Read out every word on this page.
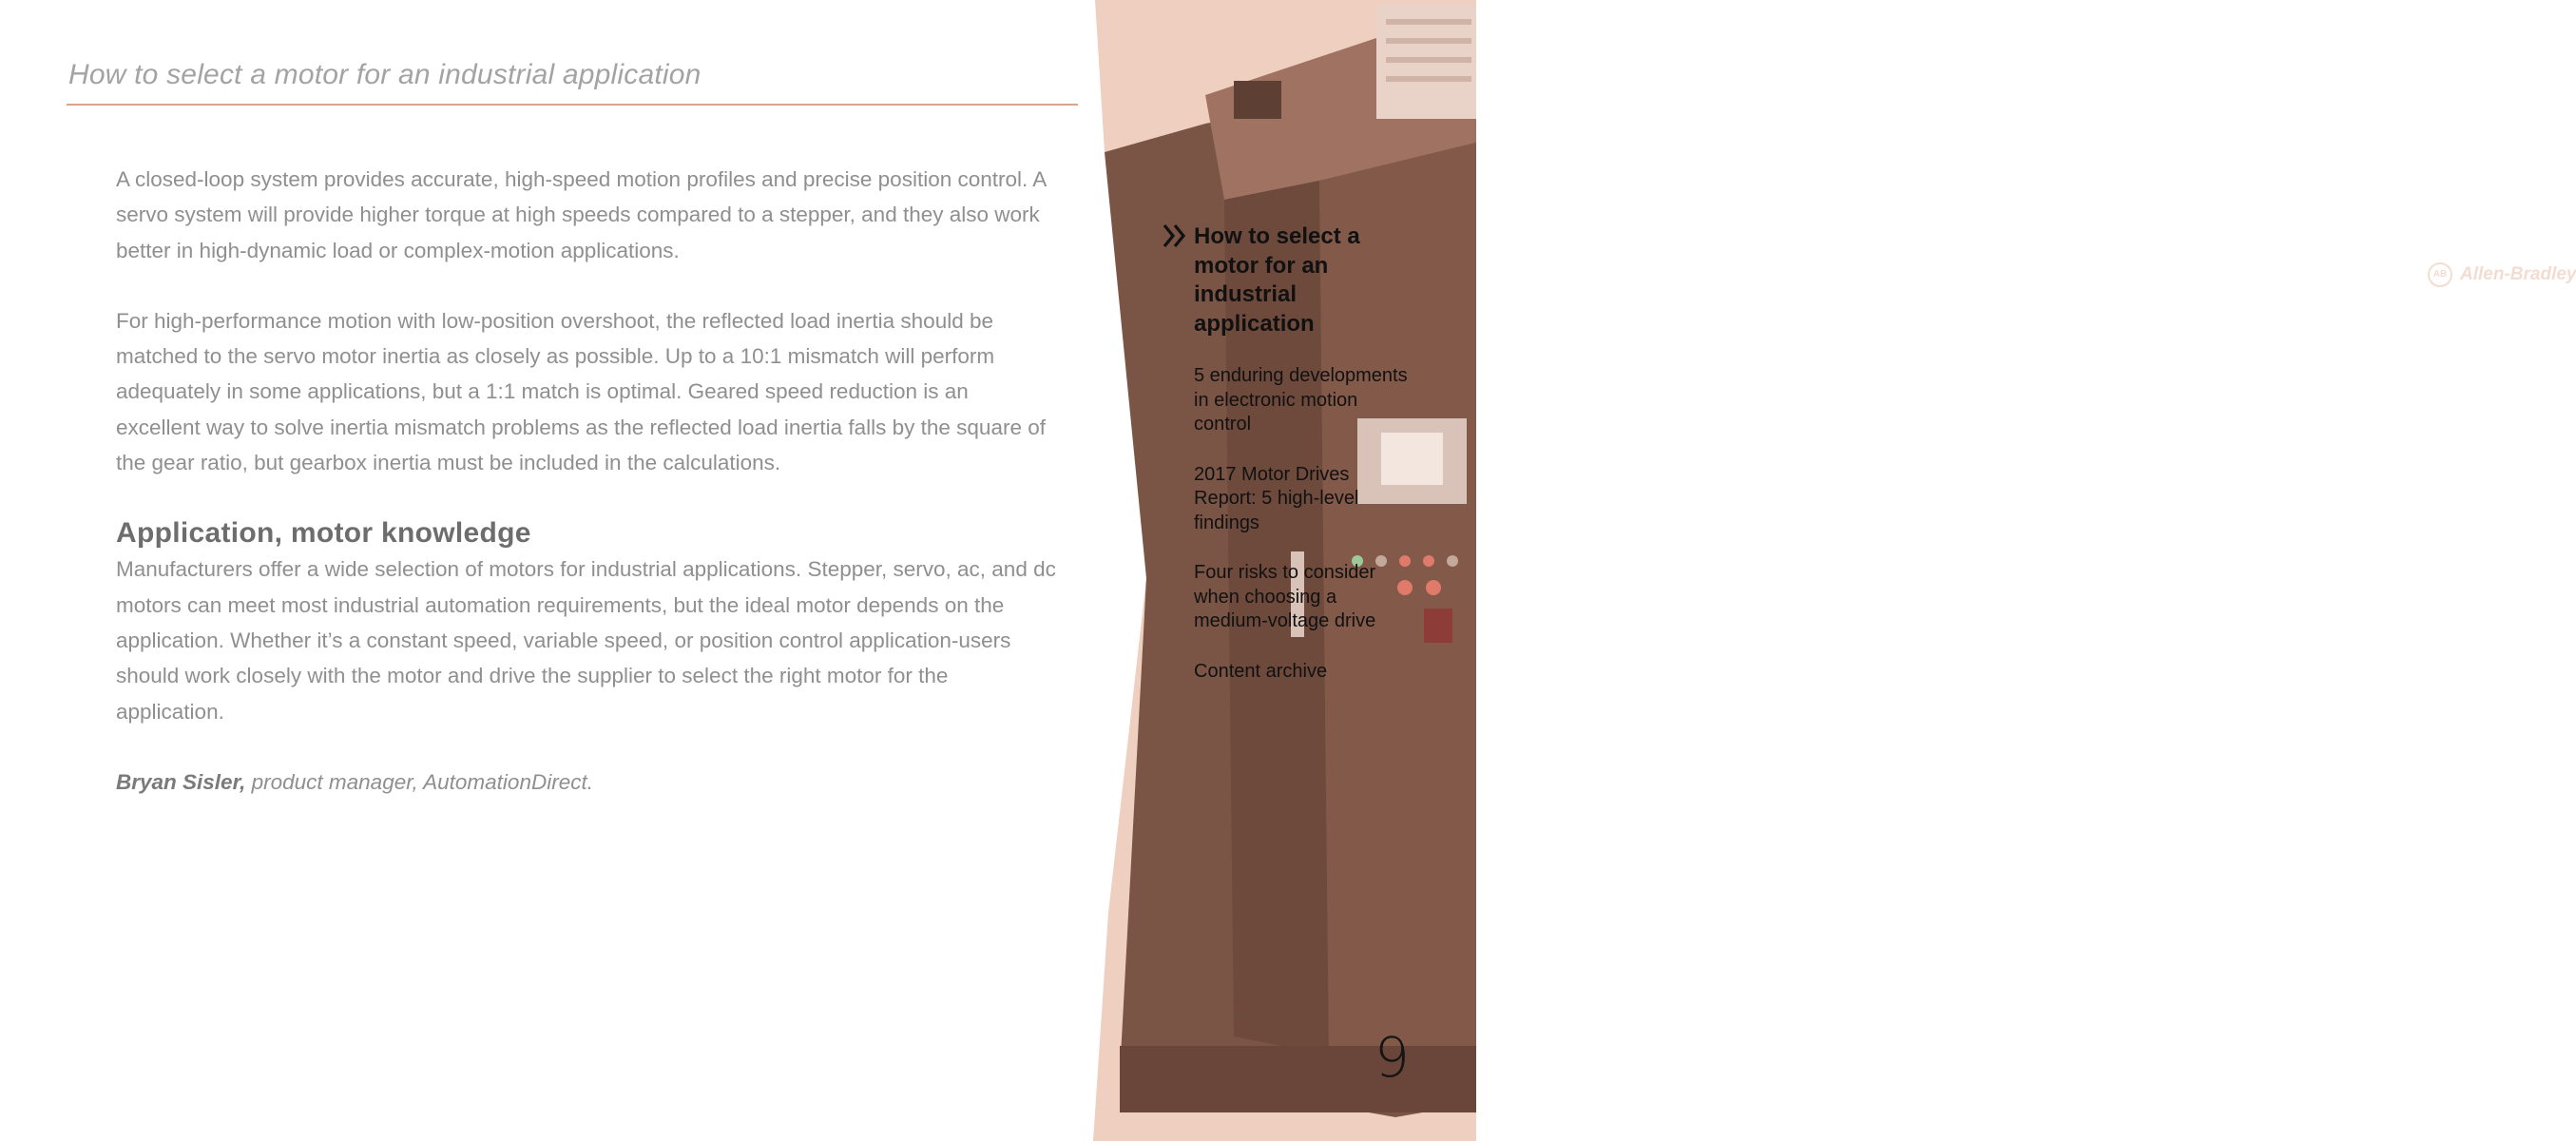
How to select a motor for an industrial application

A closed-loop system provides accurate, high-speed motion profiles and precise position control. A servo system will provide higher torque at high speeds compared to a stepper, and they also work better in high-dynamic load or complex-motion applications.

For high-performance motion with low-position overshoot, the reflected load inertia should be matched to the servo motor inertia as closely as possible. Up to a 10:1 mismatch will perform adequately in some applications, but a 1:1 match is optimal. Geared speed reduction is an excellent way to solve inertia mismatch problems as the reflected load inertia falls by the square of the gear ratio, but gearbox inertia must be included in the calculations.

Application, motor knowledge

Manufacturers offer a wide selection of motors for industrial applications. Stepper, servo, ac, and dc motors can meet most industrial automation requirements, but the ideal motor depends on the application. Whether it’s a constant speed, variable speed, or position control application-users should work closely with the motor and drive the supplier to select the right motor for the application.

Bryan Sisler, product manager, AutomationDirect.

AB Allen-Bradley
How to select a motor for an industrial application
5 enduring developments in electronic motion control
2017 Motor Drives Report: 5 high-level findings
Four risks to consider when choosing a medium-voltage drive
Content archive
9
